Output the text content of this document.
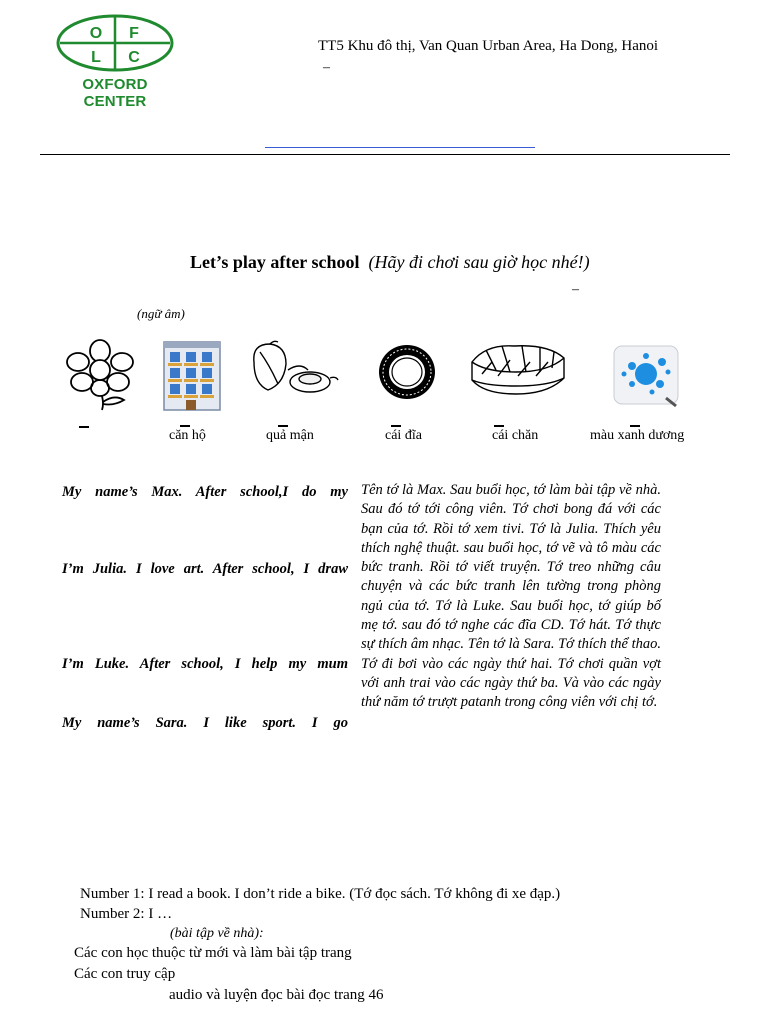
O F
L C
OXFORD CENTER
TT5 Khu đô thị, Van Quan Urban Area, Ha Dong, Hanoi
–
Let’s play after school (Hãy đi chơi sau giờ học nhé!)
–
(ngữ âm)
căn hộ	quả mận	cái đĩa	cái chăn	màu xanh dương
My name’s Max. After school,I do my
I’m Julia. I love art. After school, I draw
I’m Luke. After school, I help my mum
My name’s Sara. I like sport. I go
Tên tớ là Max. Sau buổi học, tớ làm bài tập về nhà. Sau đó tớ tới công viên. Tớ chơi bong đá với các bạn của tớ. Rồi tớ xem tivi. Tớ là Julia. Thích yêu thích nghệ thuật. sau buổi học, tớ vẽ và tô màu các bức tranh. Rồi tớ viết truyện. Tớ treo những câu chuyện và các bức tranh lên tường trong phòng ngủ của tớ. Tớ là Luke. Sau buổi học, tớ giúp bố mẹ tớ. sau đó tớ nghe các đĩa CD. Tớ hát. Tớ thực sự thích âm nhạc. Tên tớ là Sara. Tớ thích thể thao. Tớ đi bơi vào các ngày thứ hai. Tớ chơi quần vợt với anh trai vào các ngày thứ ba. Và vào các ngày thứ năm tớ trượt patanh trong công viên với chị tớ.
Number 1: I read a book. I don’t ride a bike. (Tớ đọc sách. Tớ không đi xe đạp.)
Number 2: I …
(bài tập về nhà):
Các con học thuộc từ mới và làm bài tập trang
Các con truy cập
audio và luyện đọc bài đọc trang 46
